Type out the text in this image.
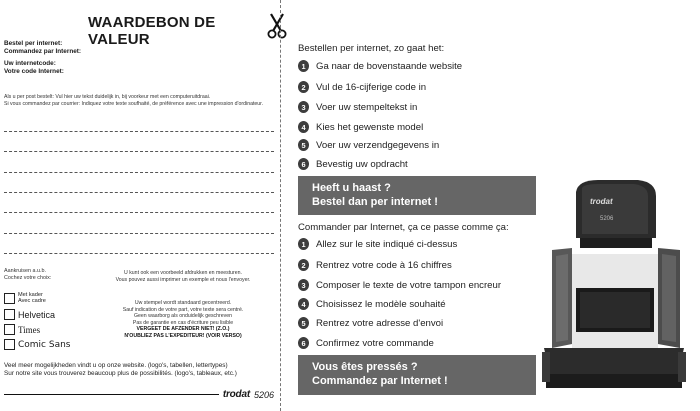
WAARDEBON DE VALEUR
Bestel per internet:
Commandez par Internet:
Uw internetcode:
Votre code Internet:
Als u per post bestelt: Vul hier uw tekst duidelijk in, bij voorkeur met een computeruitdraai.
Si vous commandez par courrier: Indiquez votre texte soufhaité, de préférence avec une impression d'ordinateur.
Aankruisen a.u.b.
Cochez votre choix:
Met kader
Avec cadre
Helvetica
Times
Comic Sans
U kunt ook een voorbeeld afdrukken en meesturen.
Vous pouvez aussi imprimer un exemple et nous l'envoyer.
Uw stempel wordt standaard gecentreerd.
Sauf indication de votre part, votre texte sera centré.
Geen waarborg als onduidelijk geschreven
Pas de garantie en cas d'écriture peu lisible
VERGEET DE AFZENDER NIET! (Z.O.)
N'OUBLIEZ PAS L'EXPEDITEUR! (VOIR VERSO)
Veel meer mogelijkheden vindt u op onze website. (logo's, tabellen, lettertypes)
Sur notre site vous trouverez beaucoup plus de possibilités. (logo's, tableaux, etc.)
trodat 5206
Bestellen per internet, zo gaat het:
1	Ga naar de bovenstaande website
2	Vul de 16-cijferige code in
3	Voer uw stempeltekst in
4	Kies het gewenste model
5	Voer uw verzendgegevens in
6	Bevestig uw opdracht
Heeft u haast ?
Bestel dan per internet !
Commander par Internet, ça ce passe comme ça:
1	Allez sur le site indiqué ci-dessus
2	Rentrez votre code à 16 chiffres
3	Composer le texte de votre tampon encreur
4	Choisissez le modèle souhaité
5	Rentrez votre adresse d'envoi
6	Confirmez votre commande
Vous êtes pressés ?
Commandez par Internet !
trodat
5206
